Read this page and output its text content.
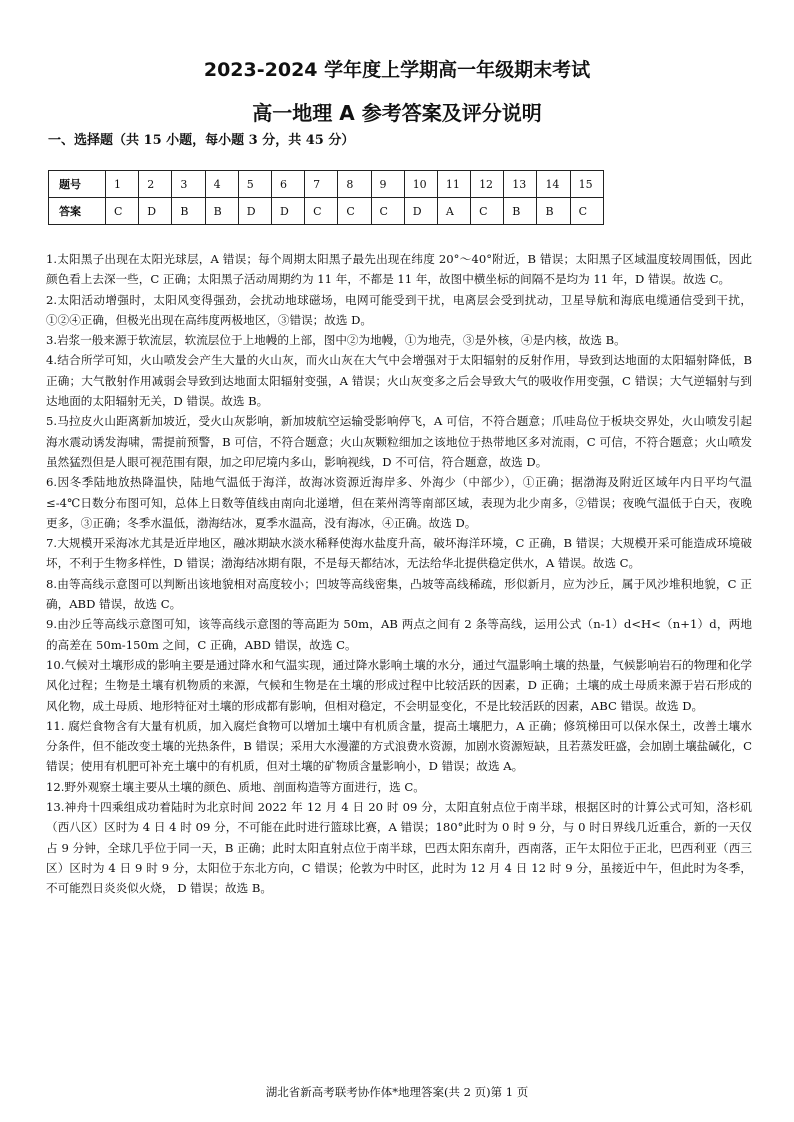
2023-2024 学年度上学期高一年级期末考试
高一地理 A 参考答案及评分说明
一、选择题（共 15 小题，每小题 3 分，共 45 分）
题号	1	2	3	4	5	6	7	8	9	10	11	12	13	14	15
答案	C	D	B	B	D	D	C	C	C	D	A	C	B	B	C

1.太阳黑子出现在太阳光球层，A 错误；每个周期太阳黑子最先出现在纬度 20°～40°附近，B 错误；太阳黑子区域温度较周围低，因此颜色看上去深一些，C 正确；太阳黑子活动周期约为 11 年，不都是 11 年，故图中横坐标的间隔不是均为 11 年，D 错误。故选 C。

2.太阳活动增强时，太阳风变得强劲，会扰动地球磁场，电网可能受到干扰，电离层会受到扰动，卫星导航和海底电缆通信受到干扰，①②④正确，但极光出现在高纬度两极地区，③错误；故选 D。

3.岩浆一般来源于软流层，软流层位于上地幔的上部，图中②为地幔，①为地壳，③是外核，④是内核，故选 B。

4.结合所学可知，火山喷发会产生大量的火山灰，而火山灰在大气中会增强对于太阳辐射的反射作用，导致到达地面的太阳辐射降低，B 正确；大气散射作用减弱会导致到达地面太阳辐射变强，A 错误；火山灰变多之后会导致大气的吸收作用变强，C 错误；大气逆辐射与到达地面的太阳辐射无关，D 错误。故选 B。

5.马拉皮火山距离新加坡近，受火山灰影响，新加坡航空运输受影响停飞，A 可信，不符合题意；爪哇岛位于板块交界处，火山喷发引起海水震动诱发海啸，需提前预警，B 可信，不符合题意；火山灰颗粒细加之该地位于热带地区多对流雨，C 可信，不符合题意；火山喷发虽然猛烈但是人眼可视范围有限，加之印尼境内多山，影响视线，D 不可信，符合题意，故选 D。

6.因冬季陆地放热降温快，陆地气温低于海洋，故海冰资源近海岸多、外海少（中部少），①正确；据渤海及附近区域年内日平均气温≤-4℃日数分布图可知，总体上日数等值线由南向北递增，但在莱州湾等南部区域，表现为北少南多，②错误；夜晚气温低于白天，夜晚更多，③正确；冬季水温低，渤海结冰，夏季水温高，没有海冰，④正确。故选 D。

7.大规模开采海冰尤其是近岸地区，融冰期缺水淡水稀释使海水盐度升高，破坏海洋环境，C 正确，B 错误；大规模开采可能造成环境破坏，不利于生物多样性，D 错误；渤海结冰期有限，不是每天都结冰，无法给华北提供稳定供水，A 错误。故选 C。

8.由等高线示意图可以判断出该地貌相对高度较小；凹坡等高线密集，凸坡等高线稀疏，形似新月，应为沙丘，属于风沙堆积地貌，C 正确，ABD 错误，故选 C。

9.由沙丘等高线示意图可知，该等高线示意图的等高距为 50m，AB 两点之间有 2 条等高线，运用公式（n-1）d<H<（n+1）d，两地的高差在 50m-150m 之间，C 正确，ABD 错误，故选 C。

10.气候对土壤形成的影响主要是通过降水和气温实现，通过降水影响土壤的水分，通过气温影响土壤的热量，气候影响岩石的物理和化学风化过程；生物是土壤有机物质的来源，气候和生物是在土壤的形成过程中比较活跃的因素，D 正确；土壤的成土母质来源于岩石形成的风化物，成土母质、地形特征对土壤的形成都有影响，但相对稳定，不会明显变化，不是比较活跃的因素，ABC 错误。故选 D。

11. 腐烂食物含有大量有机质，加入腐烂食物可以增加土壤中有机质含量，提高土壤肥力，A 正确；修筑梯田可以保水保土，改善土壤水分条件，但不能改变土壤的光热条件，B 错误；采用大水漫灌的方式浪费水资源，加剧水资源短缺，且若蒸发旺盛，会加剧土壤盐碱化，C 错误；使用有机肥可补充土壤中的有机质，但对土壤的矿物质含量影响小，D 错误；故选 A。

12.野外观察土壤主要从土壤的颜色、质地、剖面构造等方面进行，选 C。

13.神舟十四乘组成功着陆时为北京时间 2022 年 12 月 4 日 20 时 09 分，太阳直射点位于南半球，根据区时的计算公式可知，洛杉矶（西八区）区时为 4 日 4 时 09 分，不可能在此时进行篮球比赛，A 错误；180°此时为 0 时 9 分，与 0 时日界线几近重合，新的一天仅占 9 分钟，全球几乎位于同一天，B 正确；此时太阳直射点位于南半球，巴西太阳东南升，西南落，正午太阳位于正北，巴西利亚（西三区）区时为 4 日 9 时 9 分，太阳位于东北方向，C 错误；伦敦为中时区，此时为 12 月 4 日 12 时 9 分，虽接近中午，但此时为冬季，不可能烈日炎炎似火烧， D 错误；故选 B。

湖北省新高考联考协作体*地理答案(共 2 页)第 1 页
